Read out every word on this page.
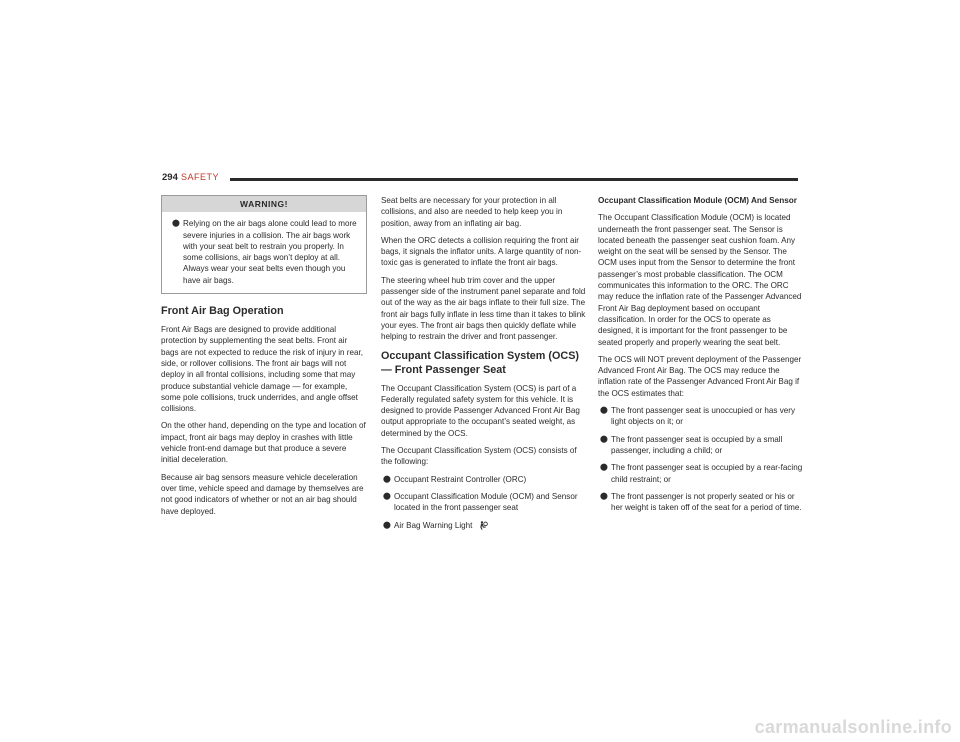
294 SAFETY
WARNING!
⬤ Relying on the air bags alone could lead to more severe injuries in a collision. The air bags work with your seat belt to restrain you properly. In some collisions, air bags won’t deploy at all. Always wear your seat belts even though you have air bags.
Front Air Bag Operation

Front Air Bags are designed to provide additional protection by supplementing the seat belts. Front air bags are not expected to reduce the risk of injury in rear, side, or rollover collisions. The front air bags will not deploy in all frontal collisions, including some that may produce substantial vehicle damage — for example, some pole collisions, truck underrides, and angle offset collisions.

On the other hand, depending on the type and location of impact, front air bags may deploy in crashes with little vehicle front-end damage but that produce a severe initial deceleration.

Because air bag sensors measure vehicle deceleration over time, vehicle speed and damage by themselves are not good indicators of whether or not an air bag should have deployed.

Seat belts are necessary for your protection in all collisions, and also are needed to help keep you in position, away from an inflating air bag.

When the ORC detects a collision requiring the front air bags, it signals the inflator units. A large quantity of non-toxic gas is generated to inflate the front air bags.

The steering wheel hub trim cover and the upper passenger side of the instrument panel separate and fold out of the way as the air bags inflate to their full size. The front air bags fully inflate in less time than it takes to blink your eyes. The front air bags then quickly deflate while helping to restrain the driver and front passenger.

Occupant Classification System (OCS) — Front Passenger Seat

The Occupant Classification System (OCS) is part of a Federally regulated safety system for this vehicle. It is designed to provide Passenger Advanced Front Air Bag output appropriate to the occupant’s seated weight, as determined by the OCS.

The Occupant Classification System (OCS) consists of the following:

⬤ Occupant Restraint Controller (ORC)
⬤ Occupant Classification Module (OCM) and Sensor located in the front passenger seat
⬤ Air Bag Warning Light
Occupant Classification Module (OCM) And Sensor

The Occupant Classification Module (OCM) is located underneath the front passenger seat. The Sensor is located beneath the passenger seat cushion foam. Any weight on the seat will be sensed by the Sensor. The OCM uses input from the Sensor to determine the front passenger’s most probable classification. The OCM communicates this information to the ORC. The ORC may reduce the inflation rate of the Passenger Advanced Front Air Bag deployment based on occupant classification. In order for the OCS to operate as designed, it is important for the front passenger to be seated properly and properly wearing the seat belt.

The OCS will NOT prevent deployment of the Passenger Advanced Front Air Bag. The OCS may reduce the inflation rate of the Passenger Advanced Front Air Bag if the OCS estimates that:

⬤ The front passenger seat is unoccupied or has very light objects on it; or
⬤ The front passenger seat is occupied by a small passenger, including a child; or
⬤ The front passenger seat is occupied by a rear-facing child restraint; or
⬤ The front passenger is not properly seated or his or her weight is taken off of the seat for a period of time.
carmanualsonline.info
